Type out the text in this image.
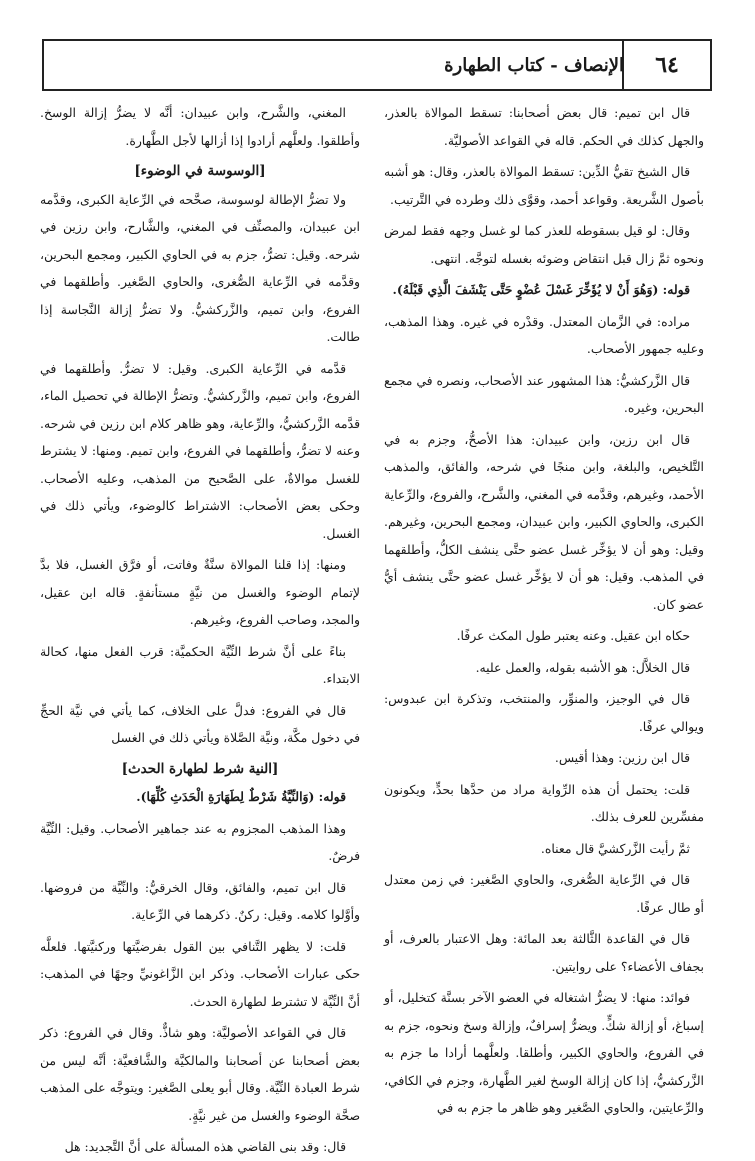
٦٤
الإنصاف - كتاب الطهارة

قال ابن تميم: قال بعض أصحابنا: تسقط الموالاة بالعذر، والجهل كذلك في الحكم. قاله في القواعد الأصوليَّة.

قال الشيخ تقيُّ الدِّين: تسقط الموالاة بالعذر، وقال: هو أشبه بأصول الشَّريعة. وقواعد أحمد، وقوَّى ذلك وطرده في التَّرتيب.

وقال: لو قيل بسقوطه للعذر كما لو غسل وجهه فقط لمرض ونحوه ثمَّ زال قبل انتقاض وضوئه بغسله لتوجَّه. انتهى.

قوله: (وَهُوَ أَنْ لا يُؤَخِّرَ غَسْلَ عُضْوٍ حَتَّى يَنْشَفَ الَّذِي قَبْلَهُ).

مراده: في الزَّمان المعتدل. وقدْره في غيره. وهذا المذهب، وعليه جمهور الأصحاب.

قال الزَّركشيُّ: هذا المشهور عند الأصحاب، ونصره في مجمع البحرين، وغيره.

قال ابن رزين، وابن عبيدان: هذا الأصحُّ، وجزم به في التَّلخيص، والبلغة، وابن منجًا في شرحه، والفائق، والمذهب الأحمد، وغيرهم، وقدَّمه في المغني، والشَّرح، والفروع، والرِّعاية الكبرى، والحاوي الكبير، وابن عبيدان، ومجمع البحرين، وغيرهم. وقيل: وهو أن لا يؤخِّر غسل عضو حتَّى ينشف الكلُّ، وأطلقهما في المذهب. وقيل: هو أن لا يؤخِّر غسل عضو حتَّى ينشف أيُّ عضو كان.

حكاه ابن عقيل. وعنه يعتبر طول المكث عرفًا.

قال الخلاَّل: هو الأشبه بقوله، والعمل عليه.

قال في الوجيز، والمنوِّر، والمنتخب، وتذكرة ابن عبدوس: ويوالي عرفًا.

قال ابن رزين: وهذا أقيس.

قلت: يحتمل أن هذه الرِّواية مراد من حدَّها بحدٍّ، ويكونون مفسِّرين للعرف بذلك.

ثمَّ رأيت الزَّركشيَّ قال معناه.

قال في الرِّعاية الصُّغرى، والحاوي الصَّغير: في زمن معتدل أو طال عرفًا.

قال في القاعدة الثَّالثة بعد المائة: وهل الاعتبار بالعرف، أو بجفاف الأعضاء؟ على روايتين.

فوائد: منها: لا يضرُّ اشتغاله في العضو الآخر بسنَّة كتخليل، أو إسباغ، أو إزالة شكٍّ. ويضرُّ إسرافٌ، وإزالة وسخ ونحوه، جزم به في الفروع، والحاوي الكبير، وأطلقا. ولعلَّهما أرادا ما جزم به الزَّركشيُّ، إذا كان إزالة الوسخ لغير الطَّهارة، وجزم في الكافي، والرِّعايتين، والحاوي الصَّغير وهو ظاهر ما جزم به في

المغني، والشَّرح، وابن عبيدان: أنَّه لا يضرُّ إزالة الوسخ. وأطلقوا. ولعلَّهم أرادوا إذا أزالها لأجل الطَّهارة.

[الوسوسة في الوضوء]

ولا تضرُّ الإطالة لوسوسة، صحَّحه في الرِّعاية الكبرى، وقدَّمه ابن عبيدان، والمصنِّف في المغني، والشَّارح، وابن رزين في شرحه. وقيل: تضرُّ، جزم به في الحاوي الكبير، ومجمع البحرين، وقدَّمه في الرِّعاية الصُّغرى، والحاوي الصَّغير. وأطلقهما في الفروع، وابن تميم، والزَّركشيُّ. ولا تضرُّ إزالة النَّجاسة إذا طالت.

قدَّمه في الرِّعاية الكبرى. وقيل: لا تضرُّ. وأطلقهما في الفروع، وابن تميم، والزَّركشيُّ. وتضرُّ الإطالة في تحصيل الماء، قدَّمه الزَّركشيُّ، والرِّعاية، وهو ظاهر كلام ابن رزين في شرحه. وعنه لا تضرُّ، وأطلقهما في الفروع، وابن تميم. ومنها: لا يشترط للغسل موالاةٌ، على الصَّحيح من المذهب، وعليه الأصحاب. وحكى بعض الأصحاب: الاشتراط كالوضوء، ويأتي ذلك في الغسل.

ومنها: إذا قلنا الموالاة سنَّةٌ وفاتت، أو فرَّق الغسل، فلا بدَّ لإتمام الوضوء والغسل من نيَّةٍ مستأنفةٍ. قاله ابن عقيل، والمجد، وصاحب الفروع، وغيرهم.

بناءً على أنَّ شرط النِّيَّة الحكميَّة: قرب الفعل منها، كحالة الابتداء.

قال في الفروع: فدلَّ على الخلاف، كما يأتي في نيَّة الحجِّ في دخول مكَّة، ونيَّة الصَّلاة ويأتي ذلك في الغسل

[النية شرط لطهارة الحدث]

قوله: (وَالنِّيَّةُ شَرْطٌ لِطَهَارَةِ الْحَدَثِ كُلِّهَا).

وهذا المذهب المجزوم به عند جماهير الأصحاب. وقيل: النِّيَّة فرضٌ.

قال ابن تميم، والفائق، وقال الخرقيُّ: والنِّيَّة من فروضها. وأوَّلوا كلامه. وقيل: ركنٌ. ذكرهما في الرِّعاية.

قلت: لا يظهر التَّنافي بين القول بفرضيَّتها وركنيَّتها. فلعلَّه حكى عبارات الأصحاب. وذكر ابن الزَّاغونيِّ وجهًا في المذهب: أنَّ النِّيَّة لا تشترط لطهارة الحدث.

قال في القواعد الأصوليَّة: وهو شاذٌّ. وقال في الفروع: ذكر بعض أصحابنا عن أصحابنا والمالكيَّة والشَّافعيَّة: أنَّه ليس من شرط العبادة النِّيَّة. وقال أبو يعلى الصَّغير: ويتوجَّه على المذهب صحَّة الوضوء والغسل من غير نيَّةٍ.

قال: وقد بنى القاضي هذه المسألة على أنَّ التَّجديد: هل
